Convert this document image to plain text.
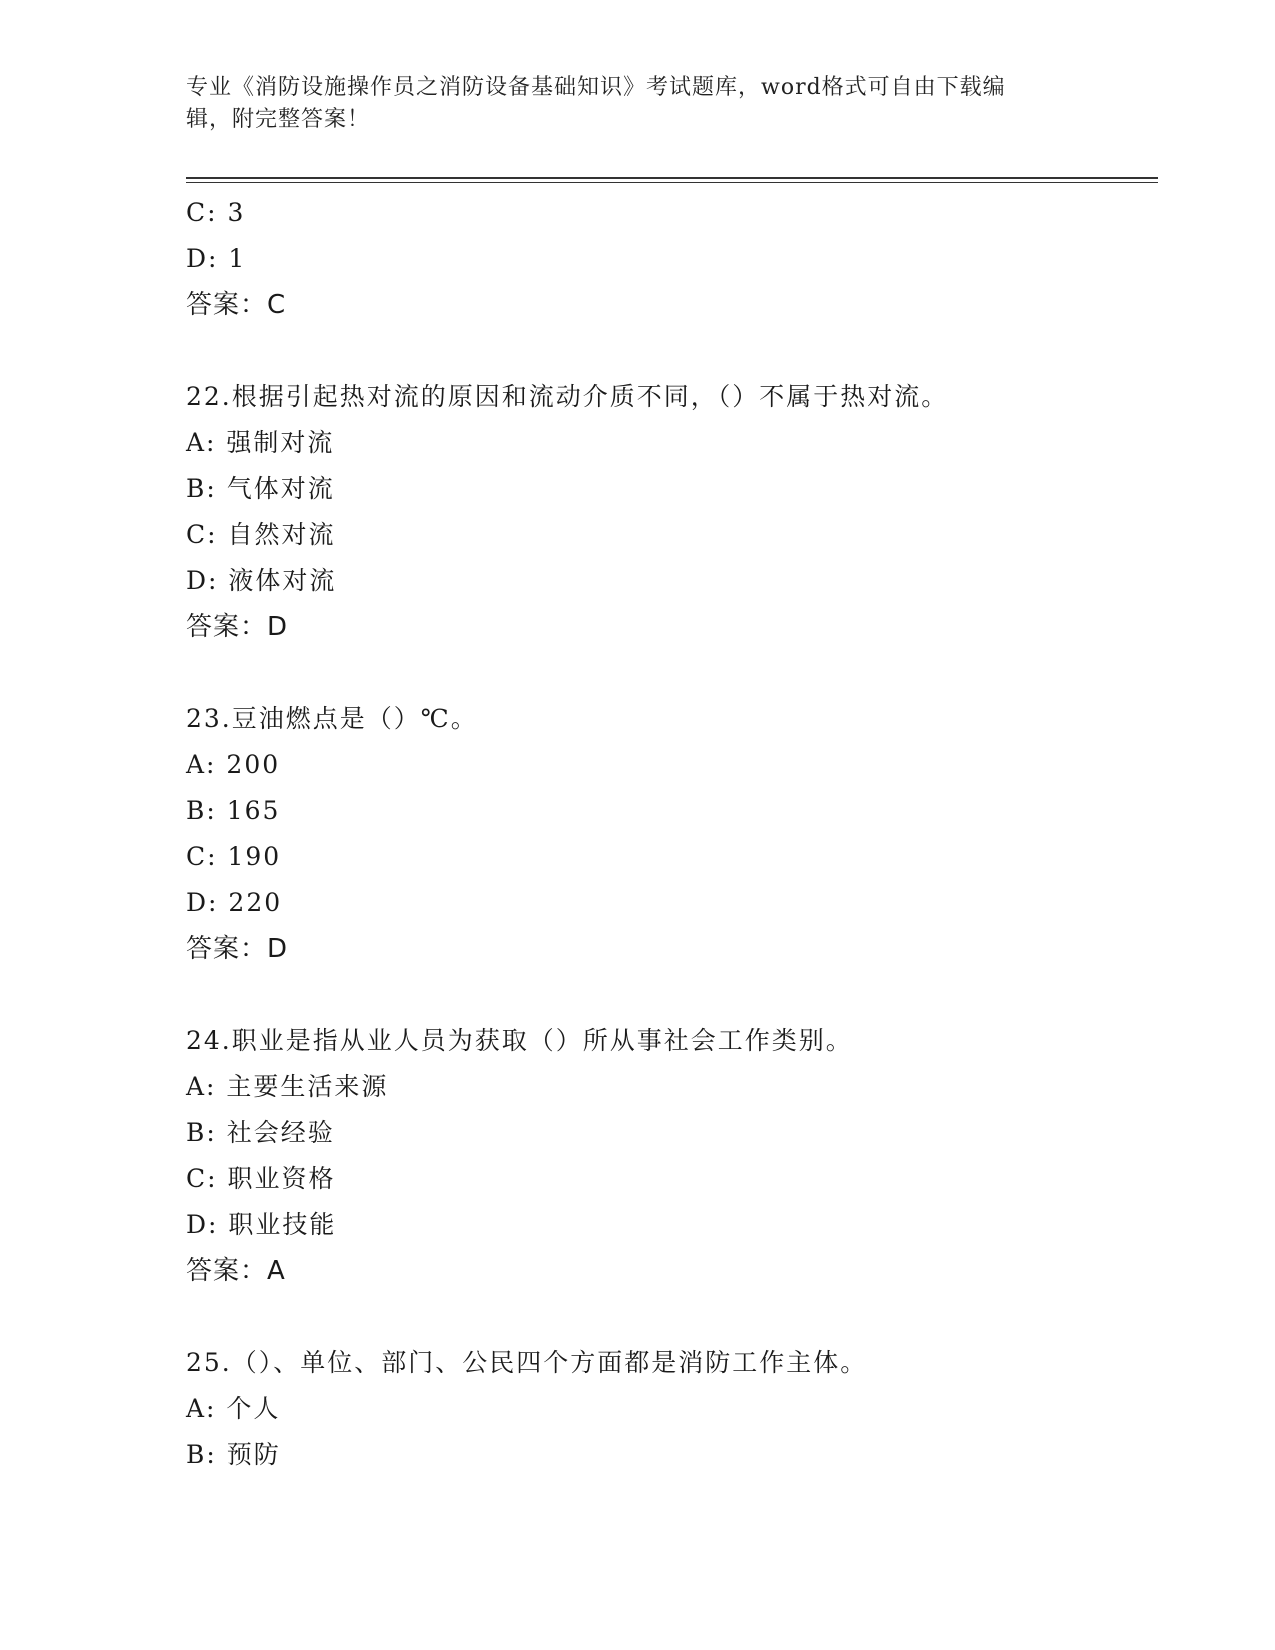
专业《消防设施操作员之消防设备基础知识》考试题库，word格式可自由下载编
辑，附完整答案！
C: 3
D: 1
答案：C
22.根据引起热对流的原因和流动介质不同，（）不属于热对流。
A: 强制对流
B: 气体对流
C: 自然对流
D: 液体对流
答案：D
23.豆油燃点是（）℃。
A: 200
B: 165
C: 190
D: 220
答案：D
24.职业是指从业人员为获取（）所从事社会工作类别。
A: 主要生活来源
B: 社会经验
C: 职业资格
D: 职业技能
答案：A
25.（）、单位、部门、公民四个方面都是消防工作主体。
A: 个人
B: 预防
